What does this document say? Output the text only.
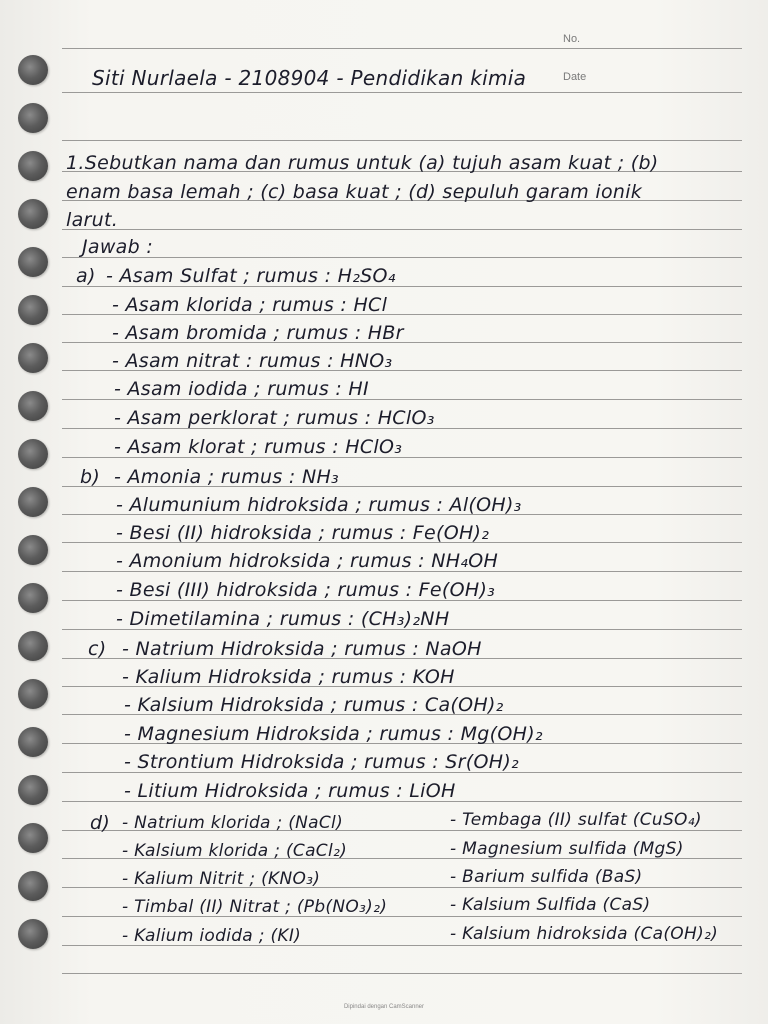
No.
Date
Siti Nurlaela - 2108904 - Pendidikan kimia
1.Sebutkan nama dan rumus untuk (a) tujuh asam kuat ; (b)
enam basa lemah ; (c) basa kuat ; (d) sepuluh garam ionik
larut.
Jawab :
a) - Asam Sulfat ; rumus : H₂SO₄
- Asam klorida ; rumus : HCl
- Asam bromida ; rumus : HBr
- Asam nitrat : rumus : HNO₃
- Asam iodida ; rumus : HI
- Asam perklorat ; rumus : HClO₃
- Asam klorat ; rumus : HClO₃
b) - Amonia ; rumus : NH₃
- Alumunium hidroksida ; rumus : Al(OH)₃
- Besi (II) hidroksida ; rumus : Fe(OH)₂
- Amonium hidroksida ; rumus : NH₄OH
- Besi (III) hidroksida ; rumus : Fe(OH)₃
- Dimetilamina ; rumus : (CH₃)₂NH
c) - Natrium Hidroksida ; rumus : NaOH
- Kalium Hidroksida ; rumus : KOH
- Kalsium Hidroksida ; rumus : Ca(OH)₂
- Magnesium Hidroksida ; rumus : Mg(OH)₂
- Strontium Hidroksida ; rumus : Sr(OH)₂
- Litium Hidroksida ; rumus : LiOH
d) - Natrium klorida ; (NaCl)
- Kalsium klorida ; (CaCl₂)
- Kalium Nitrit ; (KNO₃)
- Timbal (II) Nitrat ; (Pb(NO₃)₂)
- Kalium iodida ; (KI)
- Tembaga (II) sulfat (CuSO₄)
- Magnesium sulfida (MgS)
- Barium sulfida (BaS)
- Kalsium Sulfida (CaS)
- Kalsium hidroksida (Ca(OH)₂)
Dipindai dengan CamScanner
